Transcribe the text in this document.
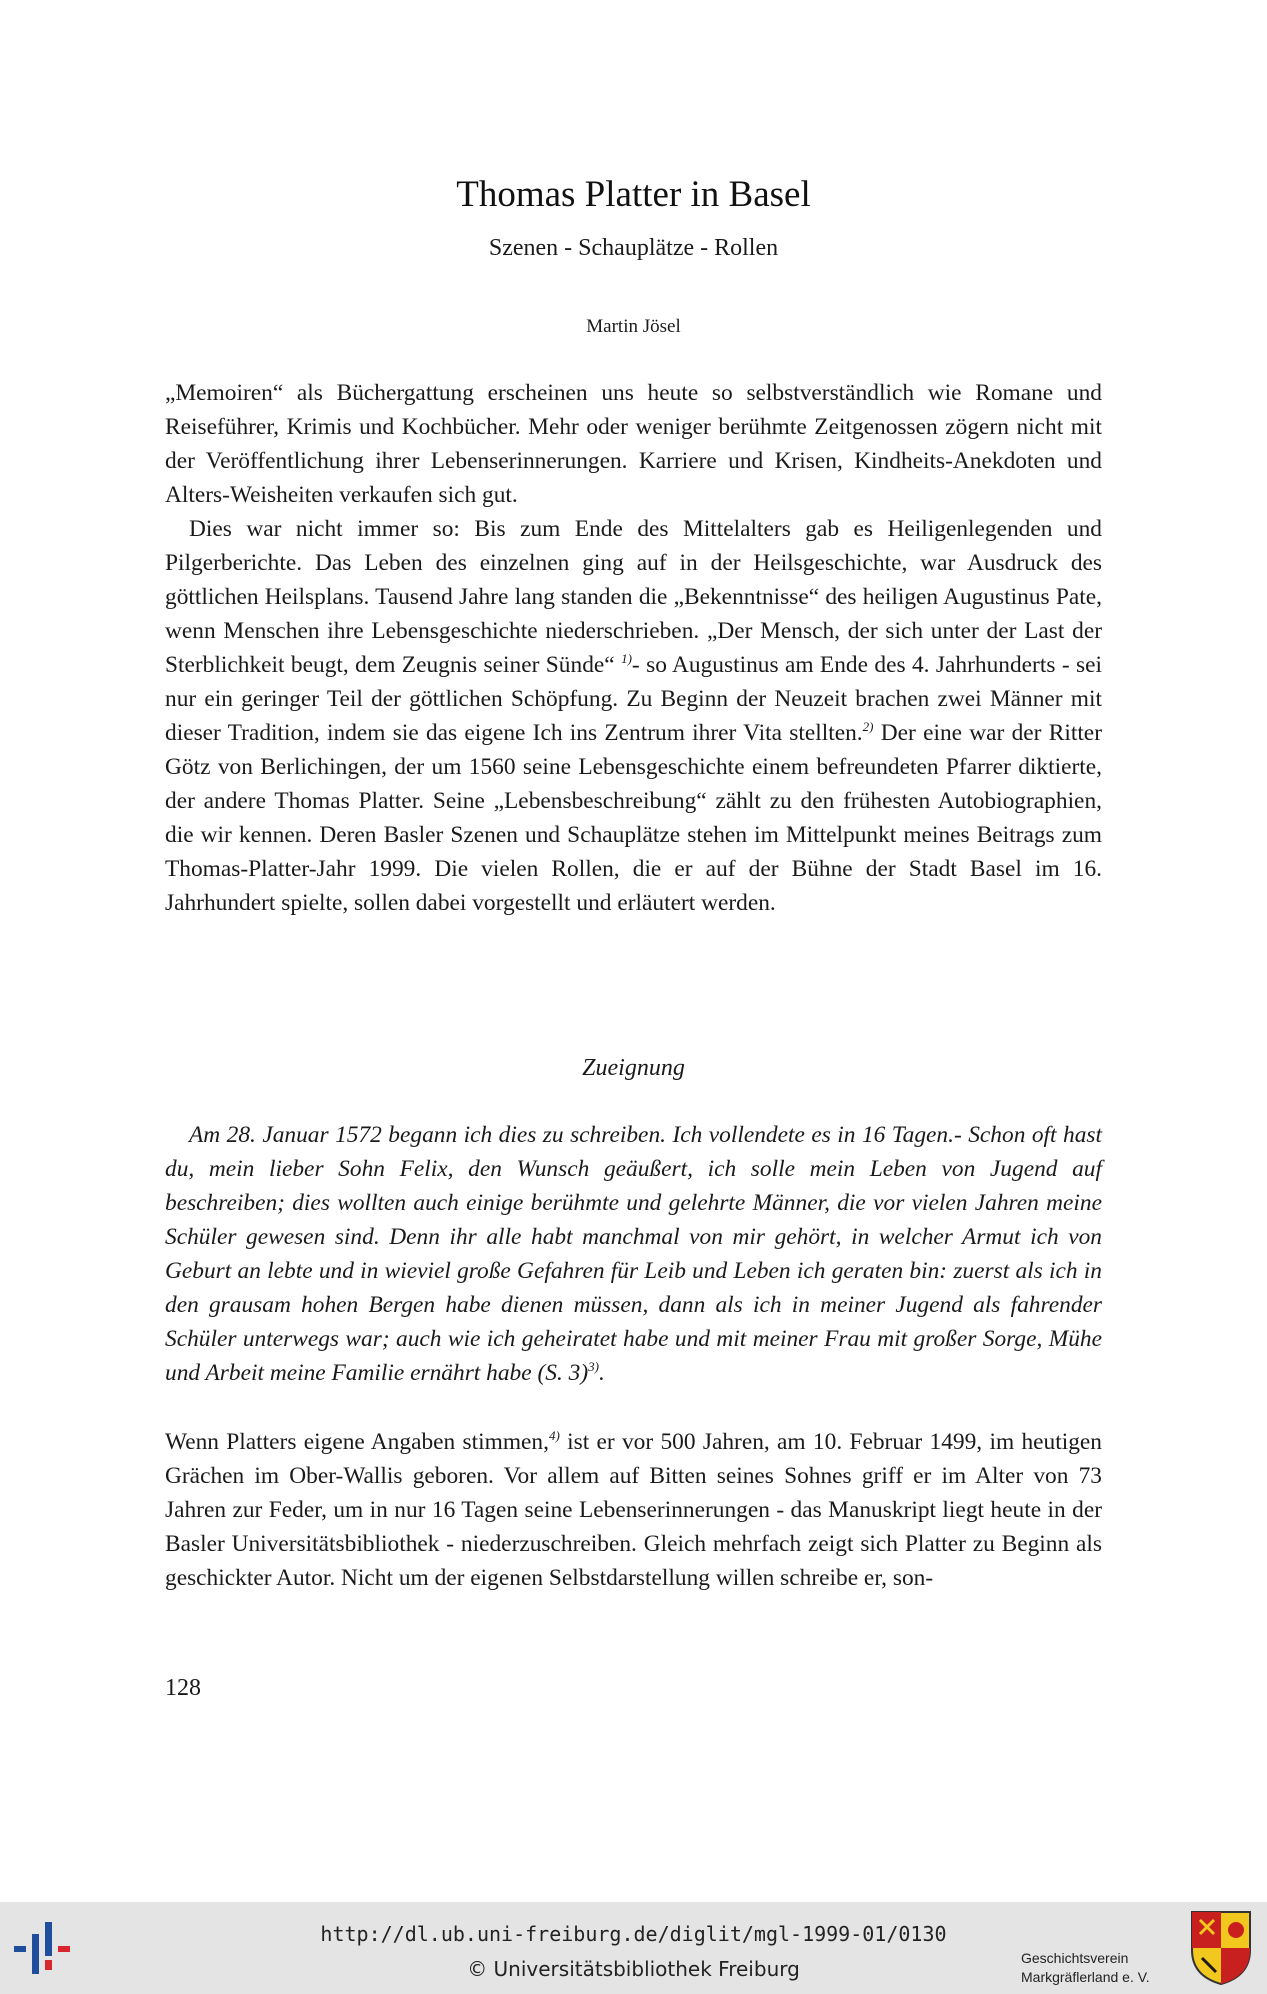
Thomas Platter in Basel
Szenen - Schauplätze - Rollen
Martin Jösel

„Memoiren“ als Büchergattung erscheinen uns heute so selbstverständlich wie Romane und Reiseführer, Krimis und Kochbücher. Mehr oder weniger berühmte Zeitgenossen zögern nicht mit der Veröffentlichung ihrer Lebenserinnerungen. Karriere und Krisen, Kindheits-Anekdoten und Alters-Weisheiten verkaufen sich gut.

Dies war nicht immer so: Bis zum Ende des Mittelalters gab es Heiligenlegenden und Pilgerberichte. Das Leben des einzelnen ging auf in der Heilsgeschichte, war Ausdruck des göttlichen Heilsplans. Tausend Jahre lang standen die „Bekenntnisse“ des heiligen Augustinus Pate, wenn Menschen ihre Lebensgeschichte niederschrieben. „Der Mensch, der sich unter der Last der Sterblichkeit beugt, dem Zeugnis seiner Sünde“ $^{1)}$- so Augustinus am Ende des 4. Jahrhunderts - sei nur ein geringer Teil der göttlichen Schöpfung. Zu Beginn der Neuzeit brachen zwei Männer mit dieser Tradition, indem sie das eigene Ich ins Zentrum ihrer Vita stellten.$^{2)}$ Der eine war der Ritter Götz von Berlichingen, der um 1560 seine Lebensgeschichte einem befreundeten Pfarrer diktierte, der andere Thomas Platter. Seine „Lebensbeschreibung“ zählt zu den frühesten Autobiographien, die wir kennen. Deren Basler Szenen und Schauplätze stehen im Mittelpunkt meines Beitrags zum Thomas-Platter-Jahr 1999. Die vielen Rollen, die er auf der Bühne der Stadt Basel im 16. Jahrhundert spielte, sollen dabei vorgestellt und erläutert werden.

Zueignung
Am 28. Januar 1572 begann ich dies zu schreiben. Ich vollendete es in 16 Tagen.- Schon oft hast du, mein lieber Sohn Felix, den Wunsch geäußert, ich solle mein Leben von Jugend auf beschreiben; dies wollten auch einige berühmte und gelehrte Männer, die vor vielen Jahren meine Schüler gewesen sind. Denn ihr alle habt manchmal von mir gehört, in welcher Armut ich von Geburt an lebte und in wieviel große Gefahren für Leib und Leben ich geraten bin: zuerst als ich in den grausam hohen Bergen habe dienen müssen, dann als ich in meiner Jugend als fahrender Schüler unterwegs war; auch wie ich geheiratet habe und mit meiner Frau mit großer Sorge, Mühe und Arbeit meine Familie ernährt habe (S. 3)$^{3)}$.

Wenn Platters eigene Angaben stimmen,$^{4)}$ ist er vor 500 Jahren, am 10. Februar 1499, im heutigen Grächen im Ober-Wallis geboren. Vor allem auf Bitten seines Sohnes griff er im Alter von 73 Jahren zur Feder, um in nur 16 Tagen seine Lebenserinnerungen - das Manuskript liegt heute in der Basler Universitätsbibliothek - niederzuschreiben. Gleich mehrfach zeigt sich Platter zu Beginn als geschickter Autor. Nicht um der eigenen Selbstdarstellung willen schreibe er, son-

128
http://dl.ub.uni-freiburg.de/diglit/mgl-1999-01/0130
© Universitätsbibliothek Freiburg	Geschichtsverein
Markgräflerland e. V.
